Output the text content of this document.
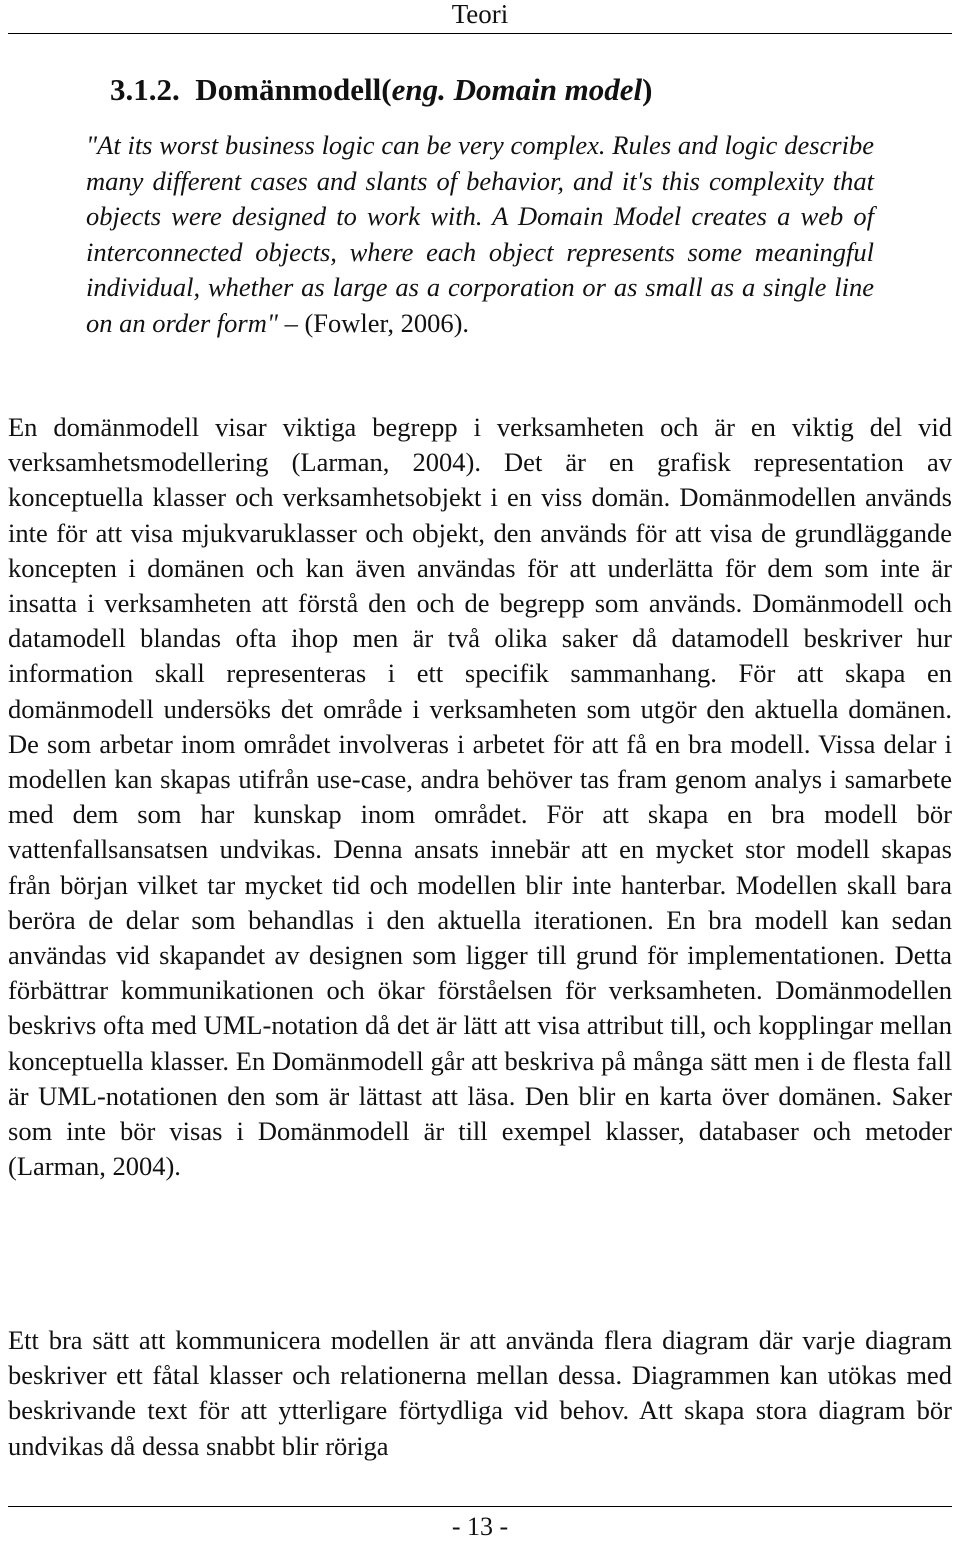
Teori
3.1.2. Domänmodell(eng. Domain model)
"At its worst business logic can be very complex. Rules and logic describe many different cases and slants of behavior, and it's this complexity that objects were designed to work with. A Domain Model creates a web of interconnected objects, where each object represents some meaningful individual, whether as large as a corporation or as small as a single line on an order form" – (Fowler, 2006).
En domänmodell visar viktiga begrepp i verksamheten och är en viktig del vid verksamhetsmodellering (Larman, 2004). Det är en grafisk representation av konceptuella klasser och verksamhetsobjekt i en viss domän. Domänmodellen används inte för att visa mjukvaruklasser och objekt, den används för att visa de grundläggande koncepten i domänen och kan även användas för att underlätta för dem som inte är insatta i verksamheten att förstå den och de begrepp som används. Domänmodell och datamodell blandas ofta ihop men är två olika saker då datamodell beskriver hur information skall representeras i ett specifik sammanhang. För att skapa en domänmodell undersöks det område i verksamheten som utgör den aktuella domänen. De som arbetar inom området involveras i arbetet för att få en bra modell. Vissa delar i modellen kan skapas utifrån use-case, andra behöver tas fram genom analys i samarbete med dem som har kunskap inom området. För att skapa en bra modell bör vattenfallsansatsen undvikas. Denna ansats innebär att en mycket stor modell skapas från början vilket tar mycket tid och modellen blir inte hanterbar. Modellen skall bara beröra de delar som behandlas i den aktuella iterationen. En bra modell kan sedan användas vid skapandet av designen som ligger till grund för implementationen. Detta förbättrar kommunikationen och ökar förståelsen för verksamheten. Domänmodellen beskrivs ofta med UML-notation då det är lätt att visa attribut till, och kopplingar mellan konceptuella klasser. En Domänmodell går att beskriva på många sätt men i de flesta fall är UML-notationen den som är lättast att läsa. Den blir en karta över domänen. Saker som inte bör visas i Domänmodell är till exempel klasser, databaser och metoder (Larman, 2004).
Ett bra sätt att kommunicera modellen är att använda flera diagram där varje diagram beskriver ett fåtal klasser och relationerna mellan dessa. Diagrammen kan utökas med beskrivande text för att ytterligare förtydliga vid behov. Att skapa stora diagram bör undvikas då dessa snabbt blir röriga
- 13 -
